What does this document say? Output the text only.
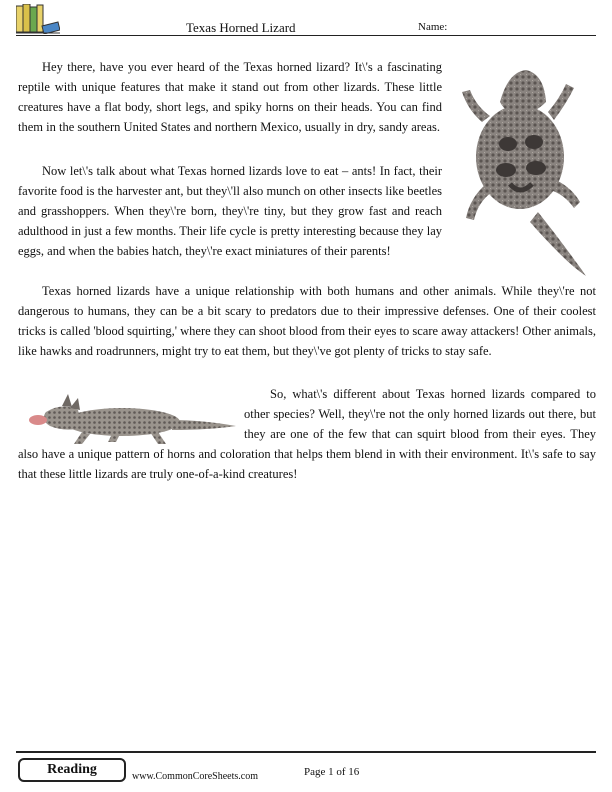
Texas Horned Lizard	Name:

Hey there, have you ever heard of the Texas horned lizard? It\'s a fascinating reptile with unique features that make it stand out from other lizards. These little creatures have a flat body, short legs, and spiky horns on their heads. You can find them in the southern United States and northern Mexico, usually in dry, sandy areas.

Now let\'s talk about what Texas horned lizards love to eat – ants! In fact, their favorite food is the harvester ant, but they\'ll also munch on other insects like beetles and grasshoppers. When they\'re born, they\'re tiny, but they grow fast and reach adulthood in just a few months. Their life cycle is pretty interesting because they lay eggs, and when the babies hatch, they\'re exact miniatures of their parents!

Texas horned lizards have a unique relationship with both humans and other animals. While they\'re not dangerous to humans, they can be a bit scary to predators due to their impressive defenses. One of their coolest tricks is called 'blood squirting,' where they can shoot blood from their eyes to scare away attackers! Other animals, like hawks and roadrunners, might try to eat them, but they\'ve got plenty of tricks to stay safe.

So, what\'s different about Texas horned lizards compared to other species? Well, they\'re not the only horned lizards out there, but they are one of the few that can squirt blood from their eyes. They also have a unique pattern of horns and coloration that helps them blend in with their environment. It\'s safe to say that these little lizards are truly one-of-a-kind creatures!
Reading	www.CommonCoreSheets.com	Page 1 of 16
